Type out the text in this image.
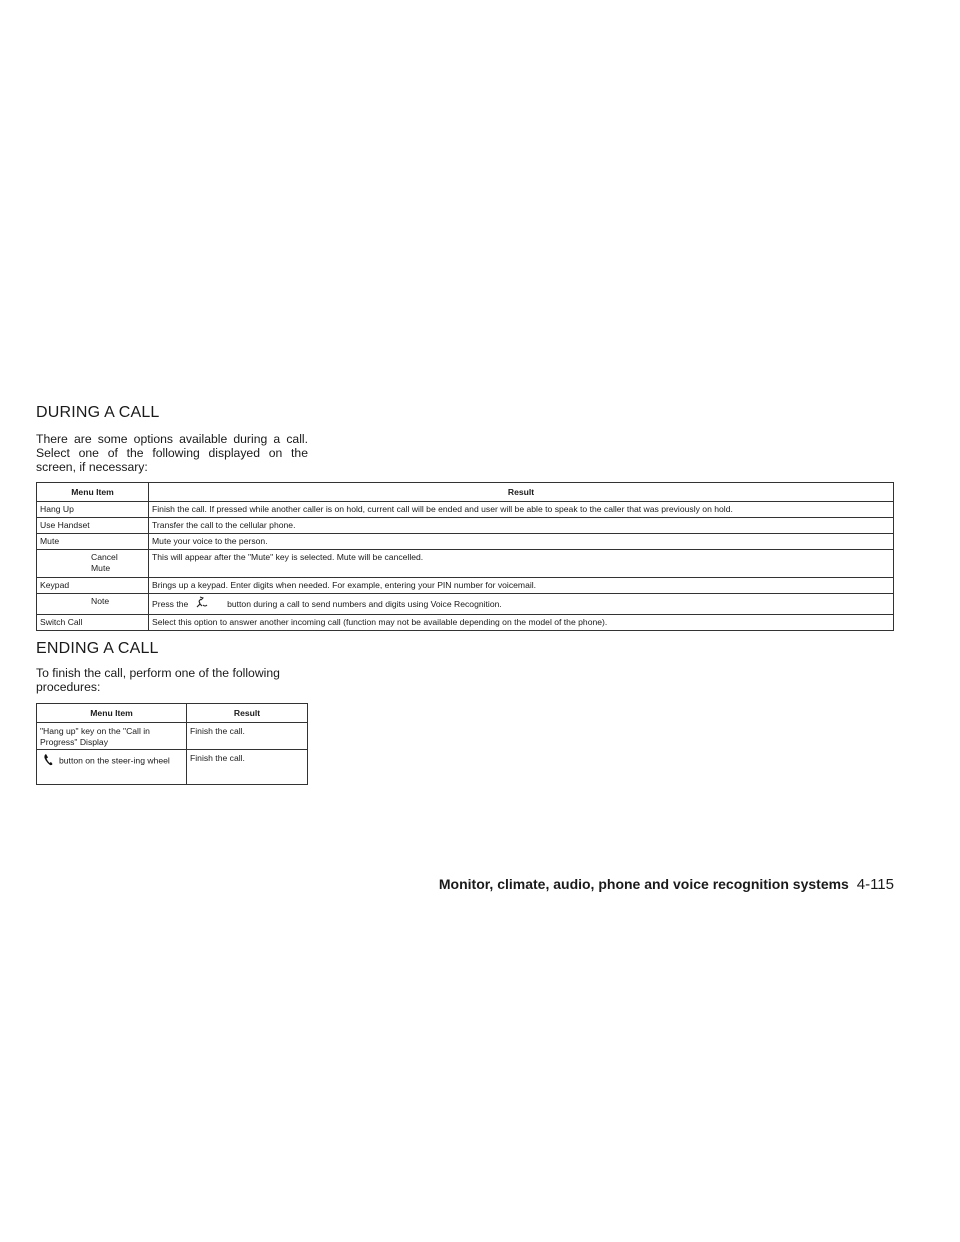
DURING A CALL

There are some options available during a call. Select one of the following displayed on the screen, if necessary:

Menu Item	Result
Hang Up	Finish the call. If pressed while another caller is on hold, current call will be ended and user will be able to speak to the caller that was previously on hold.
Use Handset	Transfer the call to the cellular phone.
Mute	Mute your voice to the person.
Cancel Mute	This will appear after the "Mute" key is selected. Mute will be cancelled.
Keypad	Brings up a keypad. Enter digits when needed. For example, entering your PIN number for voicemail.
Note	Press the button during a call to send numbers and digits using Voice Recognition.
Switch Call	Select this option to answer another incoming call (function may not be available depending on the model of the phone).
ENDING A CALL

To finish the call, perform one of the following procedures:

Menu Item	Result
"Hang up" key on the "Call in Progress" Display	Finish the call.
button on the steer-ing wheel	Finish the call.
Monitor, climate, audio, phone and voice recognition systems 4-115
